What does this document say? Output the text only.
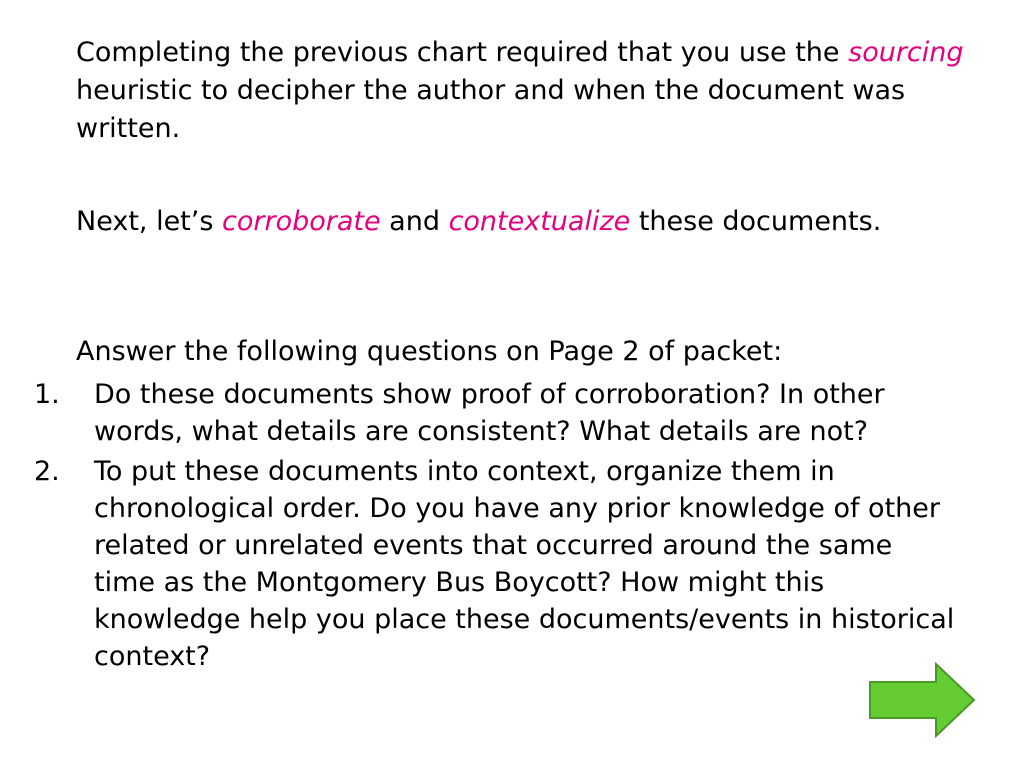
Completing the previous chart required that you use the sourcing heuristic to decipher the author and when the document was written.

Next, let’s corroborate and contextualize these documents.

Answer the following questions on Page 2 of packet:

1. Do these documents show proof of corroboration? In other words, what details are consistent? What details are not?
2. To put these documents into context, organize them in chronological order. Do you have any prior knowledge of other related or unrelated events that occurred around the same time as the Montgomery Bus Boycott? How might this knowledge help you place these documents/events in historical context?
